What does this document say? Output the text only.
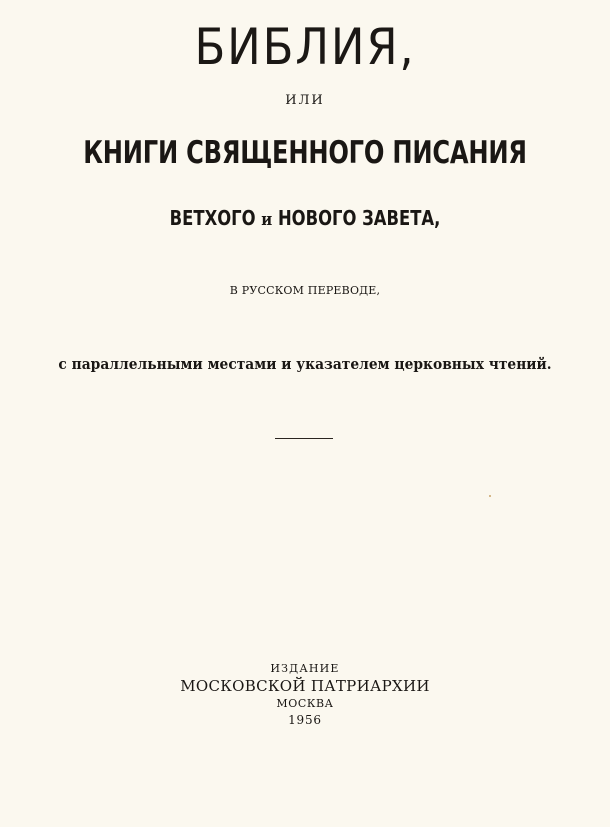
БИБЛИЯ,

ИЛИ

КНИГИ СВЯЩЕННОГО ПИСАНИЯ

ВЕТХОГО и НОВОГО ЗАВЕТА,

В РУССКОМ ПЕРЕВОДЕ,

с параллельными местами и указателем церковных чтений.

ИЗДАНИЕ

МОСКОВСКОЙ ПАТРИАРХИИ

МОСКВА

1956
